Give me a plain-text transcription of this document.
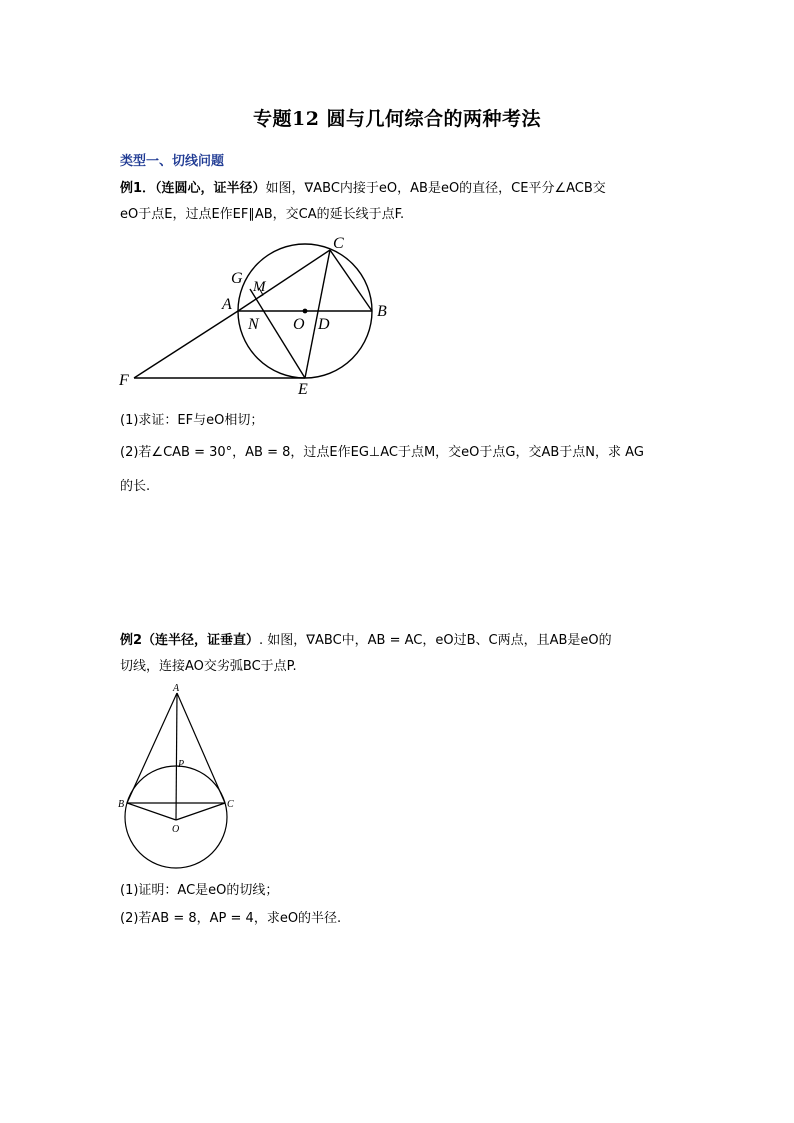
专题12 圆与几何综合的两种考法
类型一、切线问题
例1．（连圆心，证半径）如图，∇ABC内接于eO，AB是eO的直径，CE平分∠ACB交
eO于点E，过点E作EF∥AB，交CA的延长线于点F.
C
G M
A
N O D
B
F
E
(1)求证：EF与eO相切；
(2)若∠CAB = 30°，AB = 8，过点E作EG⊥AC于点M，交eO于点G，交AB于点N，求 AG
的长.
例2（连半径，证垂直）. 如图，∇ABC中，AB = AC，eO过B、C两点，且AB是eO的
切线，连接AO交劣弧BC于点P.
A
P
B	C
O
(1)证明：AC是eO的切线；
(2)若AB = 8，AP = 4，求eO的半径.
